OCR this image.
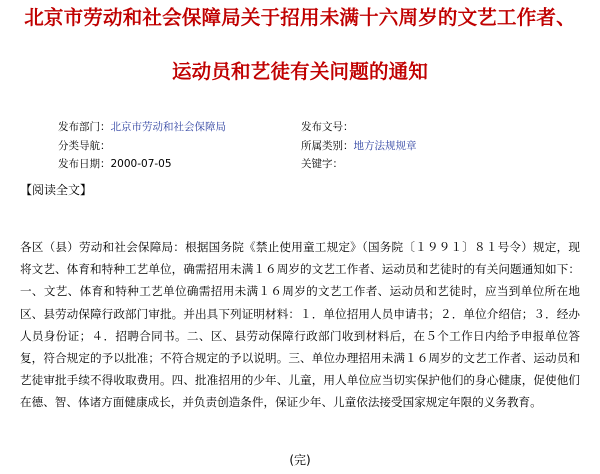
北京市劳动和社会保障局关于招用未满十六周岁的文艺工作者、
运动员和艺徒有关问题的通知
发布部门：北京市劳动和社会保障局
分类导航：
发布日期：2000-07-05
发布文号：
所属类别：地方法规规章
关键字：
【阅读全文】

各区（县）劳动和社会保障局：根据国务院《禁止使用童工规定》（国务院〔１９９１〕８１号令）规定，现将文艺、体育和特种工艺单位，确需招用未满１６周岁的文艺工作者、运动员和艺徒时的有关问题通知如下：一、文艺、体育和特种工艺单位确需招用未满１６周岁的文艺工作者、运动员和艺徒时，应当到单位所在地区、县劳动保障行政部门审批。并出具下列证明材料：１．单位招用人员申请书；２．单位介绍信；３．经办人员身份证；４．招聘合同书。二、区、县劳动保障行政部门收到材料后，在５个工作日内给予申报单位答复，符合规定的予以批准；不符合规定的予以说明。三、单位办理招用未满１６周岁的文艺工作者、运动员和艺徒审批手续不得收取费用。四、批准招用的少年、儿童，用人单位应当切实保护他们的身心健康，促使他们在德、智、体诸方面健康成长，并负责创造条件，保证少年、儿童依法接受国家规定年限的义务教育。

(完)
